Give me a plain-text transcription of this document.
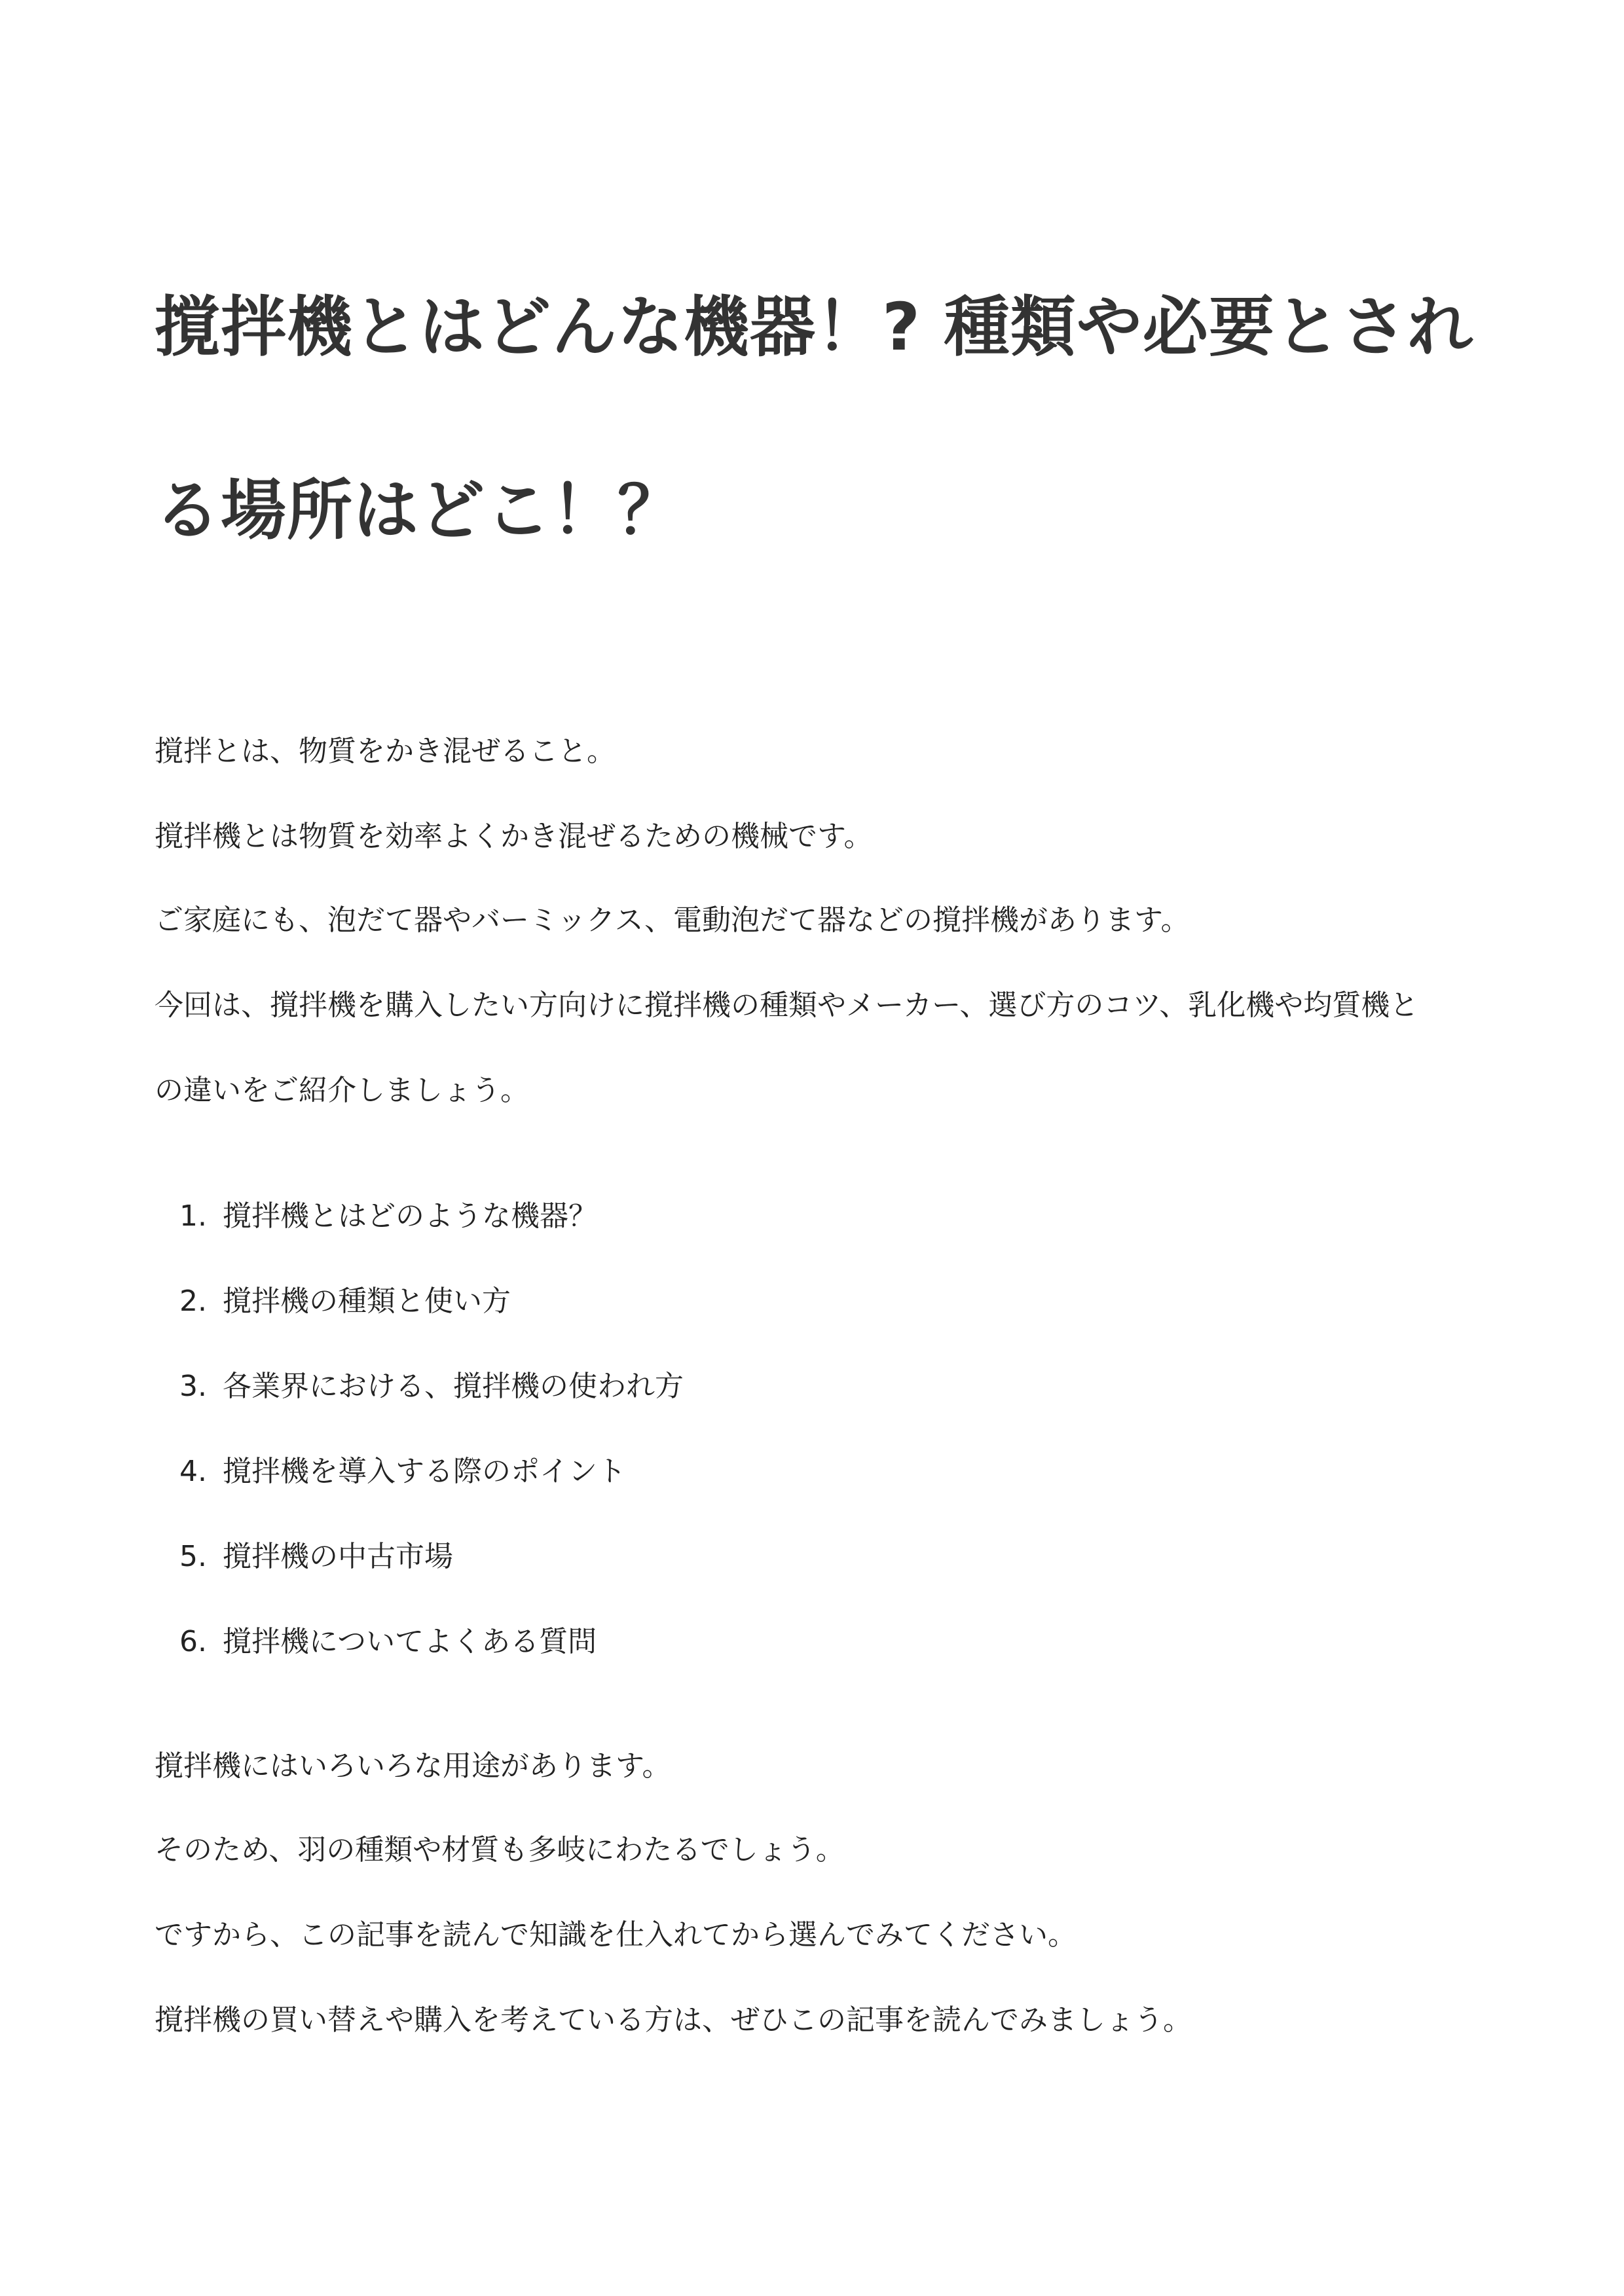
撹拌機とはどんな機器！? 種類や必要とされ
る場所はどこ！？

撹拌とは、物質をかき混ぜること。

撹拌機とは物質を効率よくかき混ぜるための機械です。

ご家庭にも、泡だて器やバーミックス、電動泡だて器などの撹拌機があります。

今回は、撹拌機を購入したい方向けに撹拌機の種類やメーカー、選び方のコツ、乳化機や均質機と

の違いをご紹介しましょう。

1. 撹拌機とはどのような機器？
2. 撹拌機の種類と使い方
3. 各業界における、撹拌機の使われ方
4. 撹拌機を導入する際のポイント
5. 撹拌機の中古市場
6. 撹拌機についてよくある質問

撹拌機にはいろいろな用途があります。

そのため、羽の種類や材質も多岐にわたるでしょう。

ですから、この記事を読んで知識を仕入れてから選んでみてください。

撹拌機の買い替えや購入を考えている方は、ぜひこの記事を読んでみましょう。
